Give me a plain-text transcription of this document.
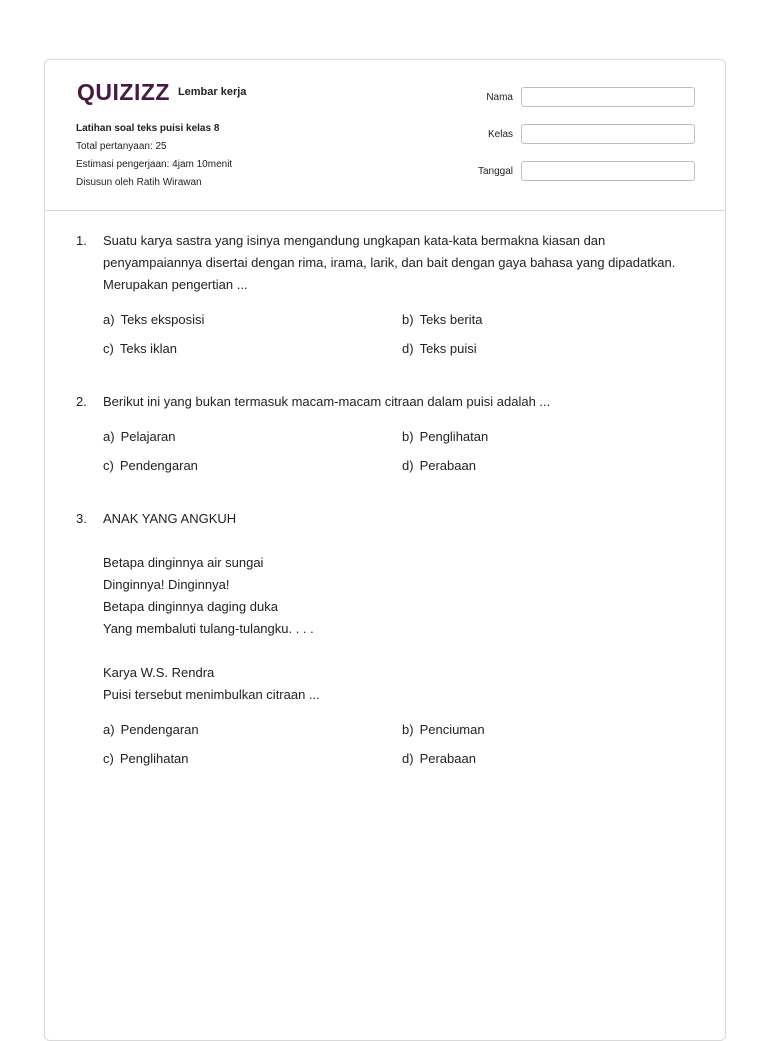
QUIZIZZ Lembar kerja
Latihan soal teks puisi kelas 8
Total pertanyaan: 25
Estimasi pengerjaan: 4jam 10menit
Disusun oleh Ratih Wirawan
Nama
Kelas
Tanggal
1. Suatu karya sastra yang isinya mengandung ungkapan kata-kata bermakna kiasan dan
penyampaiannya disertai dengan rima, irama, larik, dan bait dengan gaya bahasa yang dipadatkan.
Merupakan pengertian ...
a) Teks eksposisi	b) Teks berita
c) Teks iklan	d) Teks puisi
2. Berikut ini yang bukan termasuk macam-macam citraan dalam puisi adalah ...
a) Pelajaran	b) Penglihatan
c) Pendengaran	d) Perabaan
3. ANAK YANG ANGKUH
Betapa dinginnya air sungai
Dinginnya! Dinginnya!
Betapa dinginnya daging duka
Yang membaluti tulang-tulangku. . . .
Karya W.S. Rendra
Puisi tersebut menimbulkan citraan ...
a) Pendengaran	b) Penciuman
c) Penglihatan	d) Perabaan
